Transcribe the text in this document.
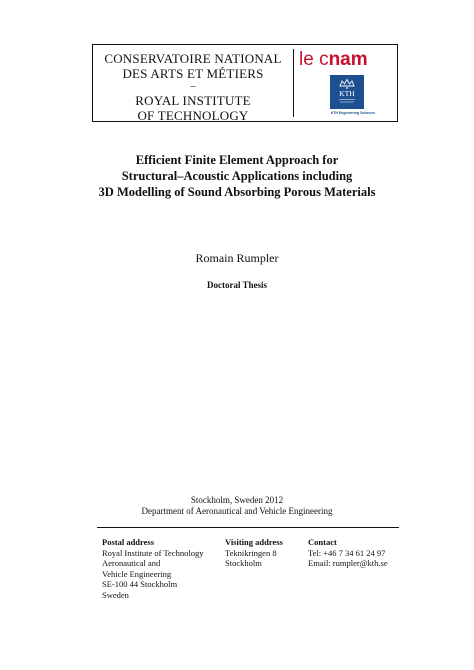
CONSERVATOIRE NATIONAL
DES ARTS ET MÉTIERS
–
ROYAL INSTITUTE
OF TECHNOLOGY
le cnam
KTH
KTH Engineering Sciences
Efficient Finite Element Approach for
Structural–Acoustic Applications including
3D Modelling of Sound Absorbing Porous Materials
Romain Rumpler
Doctoral Thesis
Stockholm, Sweden 2012
Department of Aeronautical and Vehicle Engineering
Postal address
Royal Institute of Technology
Aeronautical and
Vehicle Engineering
SE-100 44 Stockholm
Sweden
Visiting address
Teknikringen 8
Stockholm
Contact
Tel: +46 7 34 61 24 97
Email: rumpler@kth.se
